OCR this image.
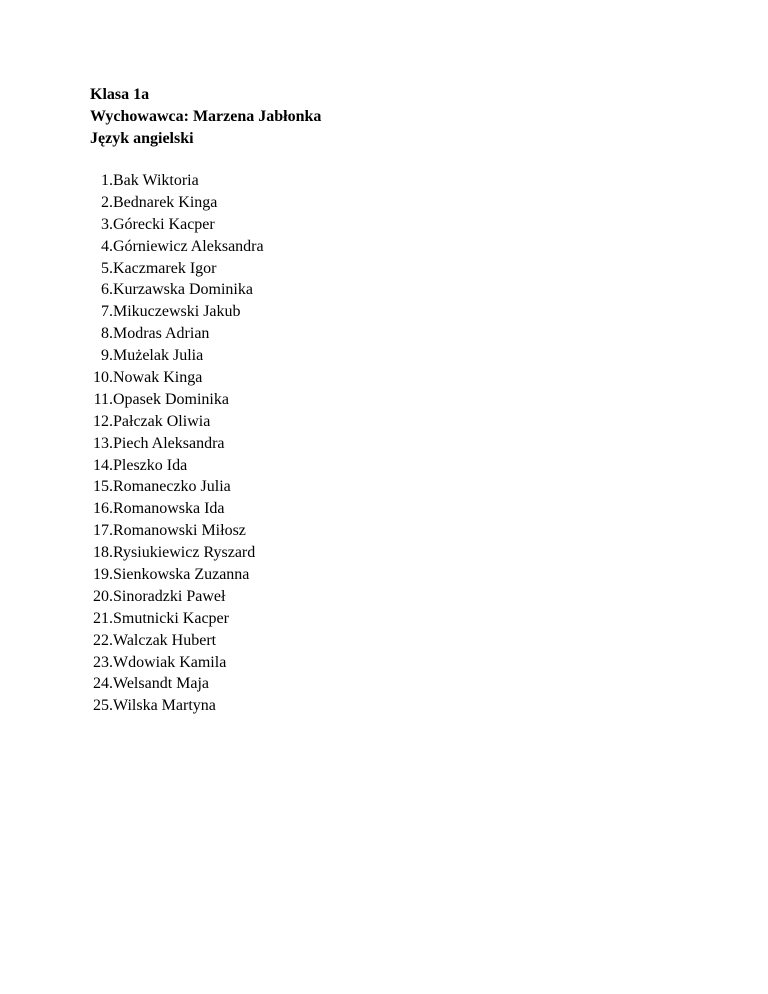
Klasa 1a
Wychowawca: Marzena Jabłonka
Język angielski
1.Bak Wiktoria
2.Bednarek Kinga
3.Górecki Kacper
4.Górniewicz Aleksandra
5.Kaczmarek Igor
6.Kurzawska Dominika
7.Mikuczewski Jakub
8.Modras Adrian
9.Mużelak Julia
10.Nowak Kinga
11.Opasek Dominika
12.Pałczak Oliwia
13.Piech Aleksandra
14.Pleszko Ida
15.Romaneczko Julia
16.Romanowska Ida
17.Romanowski Miłosz
18.Rysiukiewicz Ryszard
19.Sienkowska Zuzanna
20.Sinoradzki Paweł
21.Smutnicki Kacper
22.Walczak Hubert
23.Wdowiak Kamila
24.Welsandt Maja
25.Wilska Martyna
